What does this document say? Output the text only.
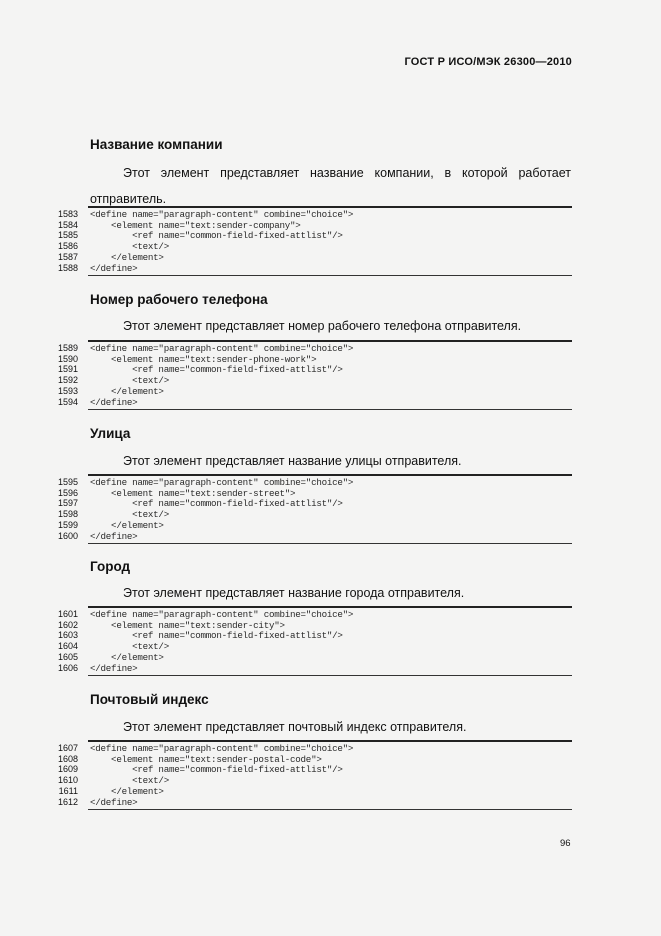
ГОСТ Р ИСО/МЭК 26300—2010
Название компании
Этот элемент представляет название компании, в которой работает
отправитель.
Номер рабочего телефона
Этот элемент представляет номер рабочего телефона отправителя.
Улица
Этот элемент представляет название улицы отправителя.
Город
Этот элемент представляет название города отправителя.
Почтовый индекс
Этот элемент представляет почтовый индекс отправителя.
96
1583 <define name="paragraph-content" combine="choice">
1584 <element name="text:sender-company">
1585 <ref name="common-field-fixed-attlist"/>
1586 <text/>
1587 </element>
1588 </define>
1589 <define name="paragraph-content" combine="choice">
1590 <element name="text:sender-phone-work">
1591 <ref name="common-field-fixed-attlist"/>
1592 <text/>
1593 </element>
1594 </define>
1595 <define name="paragraph-content" combine="choice">
1596 <element name="text:sender-street">
1597 <ref name="common-field-fixed-attlist"/>
1598 <text/>
1599 </element>
1600 </define>
1601 <define name="paragraph-content" combine="choice">
1602 <element name="text:sender-city">
1603 <ref name="common-field-fixed-attlist"/>
1604 <text/>
1605 </element>
1606 </define>
1607 <define name="paragraph-content" combine="choice">
1608 <element name="text:sender-postal-code">
1609 <ref name="common-field-fixed-attlist"/>
1610 <text/>
1611 </element>
1612 </define>
